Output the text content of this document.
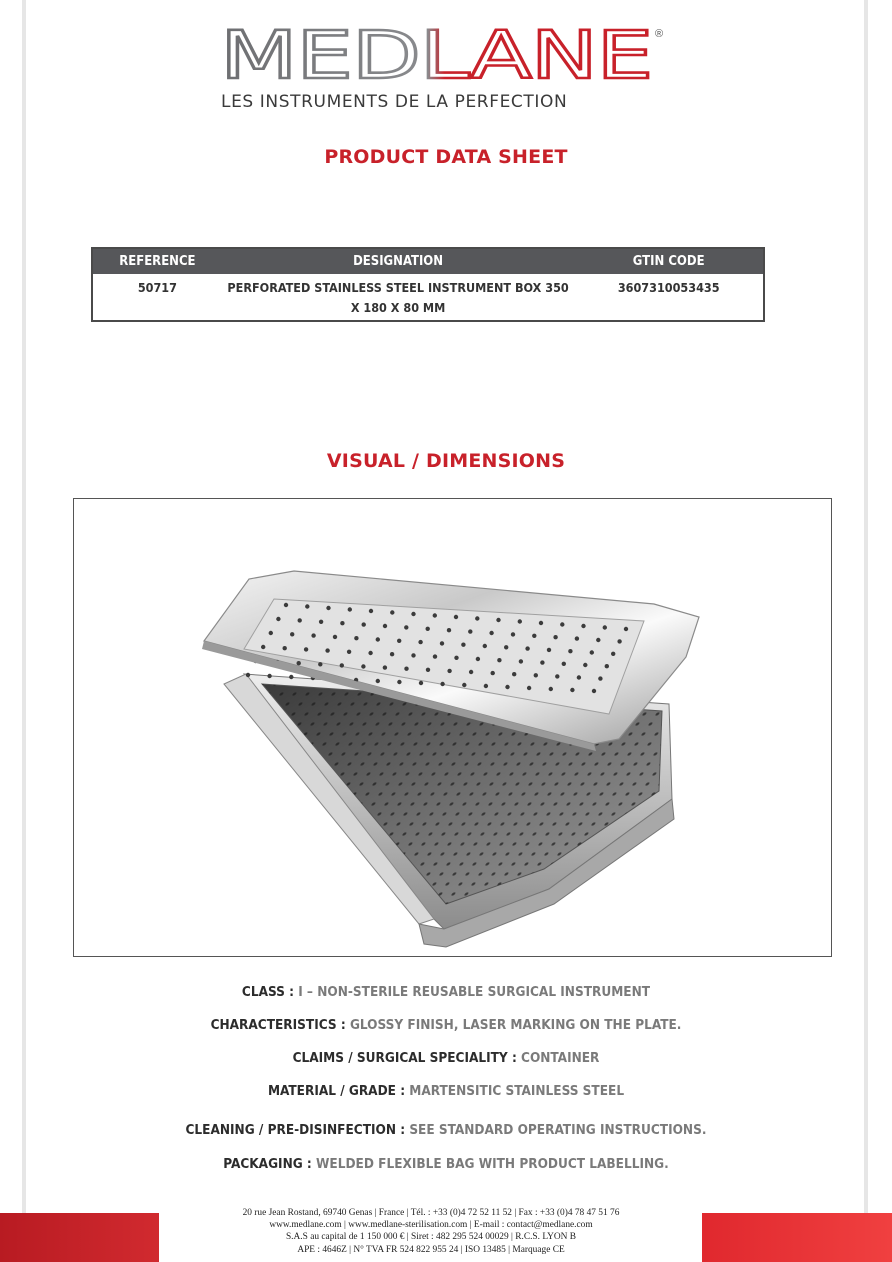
MEDLANE ®
LES INSTRUMENTS DE LA PERFECTION
PRODUCT DATA SHEET
REFERENCE	DESIGNATION	GTIN CODE
50717	PERFORATED STAINLESS STEEL INSTRUMENT BOX 350 X 180 X 80 MM	3607310053435
VISUAL / DIMENSIONS
CLASS : I – NON-STERILE REUSABLE SURGICAL INSTRUMENT
CHARACTERISTICS : GLOSSY FINISH, LASER MARKING ON THE PLATE.
CLAIMS / SURGICAL SPECIALITY : CONTAINER
MATERIAL / GRADE : MARTENSITIC STAINLESS STEEL
CLEANING / PRE-DISINFECTION : SEE STANDARD OPERATING INSTRUCTIONS.
PACKAGING : WELDED FLEXIBLE BAG WITH PRODUCT LABELLING.
20 rue Jean Rostand, 69740 Genas | France | Tél. : +33 (0)4 72 52 11 52 | Fax : +33 (0)4 78 47 51 76
www.medlane.com | www.medlane-sterilisation.com | E-mail : contact@medlane.com
S.A.S au capital de 1 150 000 € | Siret : 482 295 524 00029 | R.C.S. LYON B
APE : 4646Z | N° TVA FR 524 822 955 24 | ISO 13485 | Marquage CE
